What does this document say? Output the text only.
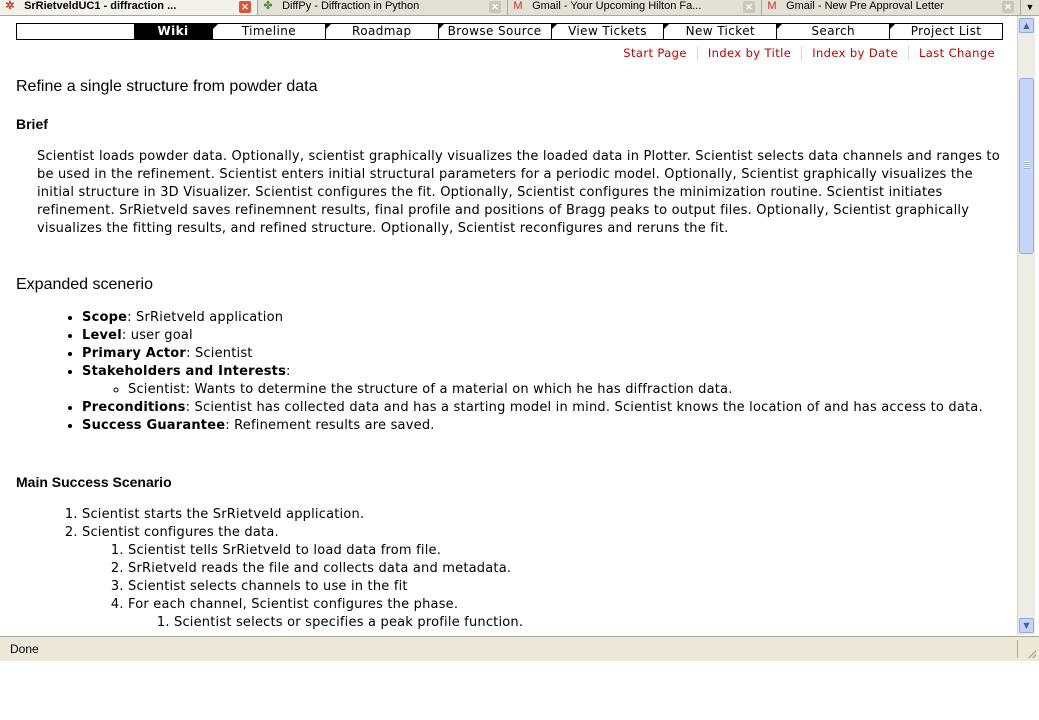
✲ SrRietveldUC1 - diffraction ...	✕	✤ DiffPy - Diffraction in Python	✕	M Gmail - Your Upcoming Hilton Fa...	✕	M Gmail - New Pre Approval Letter	✕	▼
Wiki	Timeline	Roadmap	Browse Source	View Tickets	New Ticket	Search	Project List
Start Page	Index by Title	Index by Date	Last Change
Refine a single structure from powder data
Brief

Scientist loads powder data. Optionally, scientist graphically visualizes the loaded data in Plotter. Scientist selects data channels and ranges to be used in the refinement. Scientist enters initial structural parameters for a periodic model. Optionally, Scientist graphically visualizes the initial structure in 3D Visualizer. Scientist configures the fit. Optionally, Scientist configures the minimization routine. Scientist initiates refinement. SrRietveld saves refinemnent results, final profile and positions of Bragg peaks to output files. Optionally, Scientist graphically visualizes the fitting results, and refined structure. Optionally, Scientist reconfigures and reruns the fit.

Expanded scenerio
• Scope: SrRietveld application
• Level: user goal
• Primary Actor: Scientist
• Stakeholders and Interests:
◦ Scientist: Wants to determine the structure of a material on which he has diffraction data.
• Preconditions: Scientist has collected data and has a starting model in mind. Scientist knows the location of and has access to data.
• Success Guarantee: Refinement results are saved.
Main Success Scenario
1. Scientist starts the SrRietveld application.
2. Scientist configures the data.
1. Scientist tells SrRietveld to load data from file.
2. SrRietveld reads the file and collects data and metadata.
3. Scientist selects channels to use in the fit
4. For each channel, Scientist configures the phase.
1. Scientist selects or specifies a peak profile function.
▲
▼
Done
